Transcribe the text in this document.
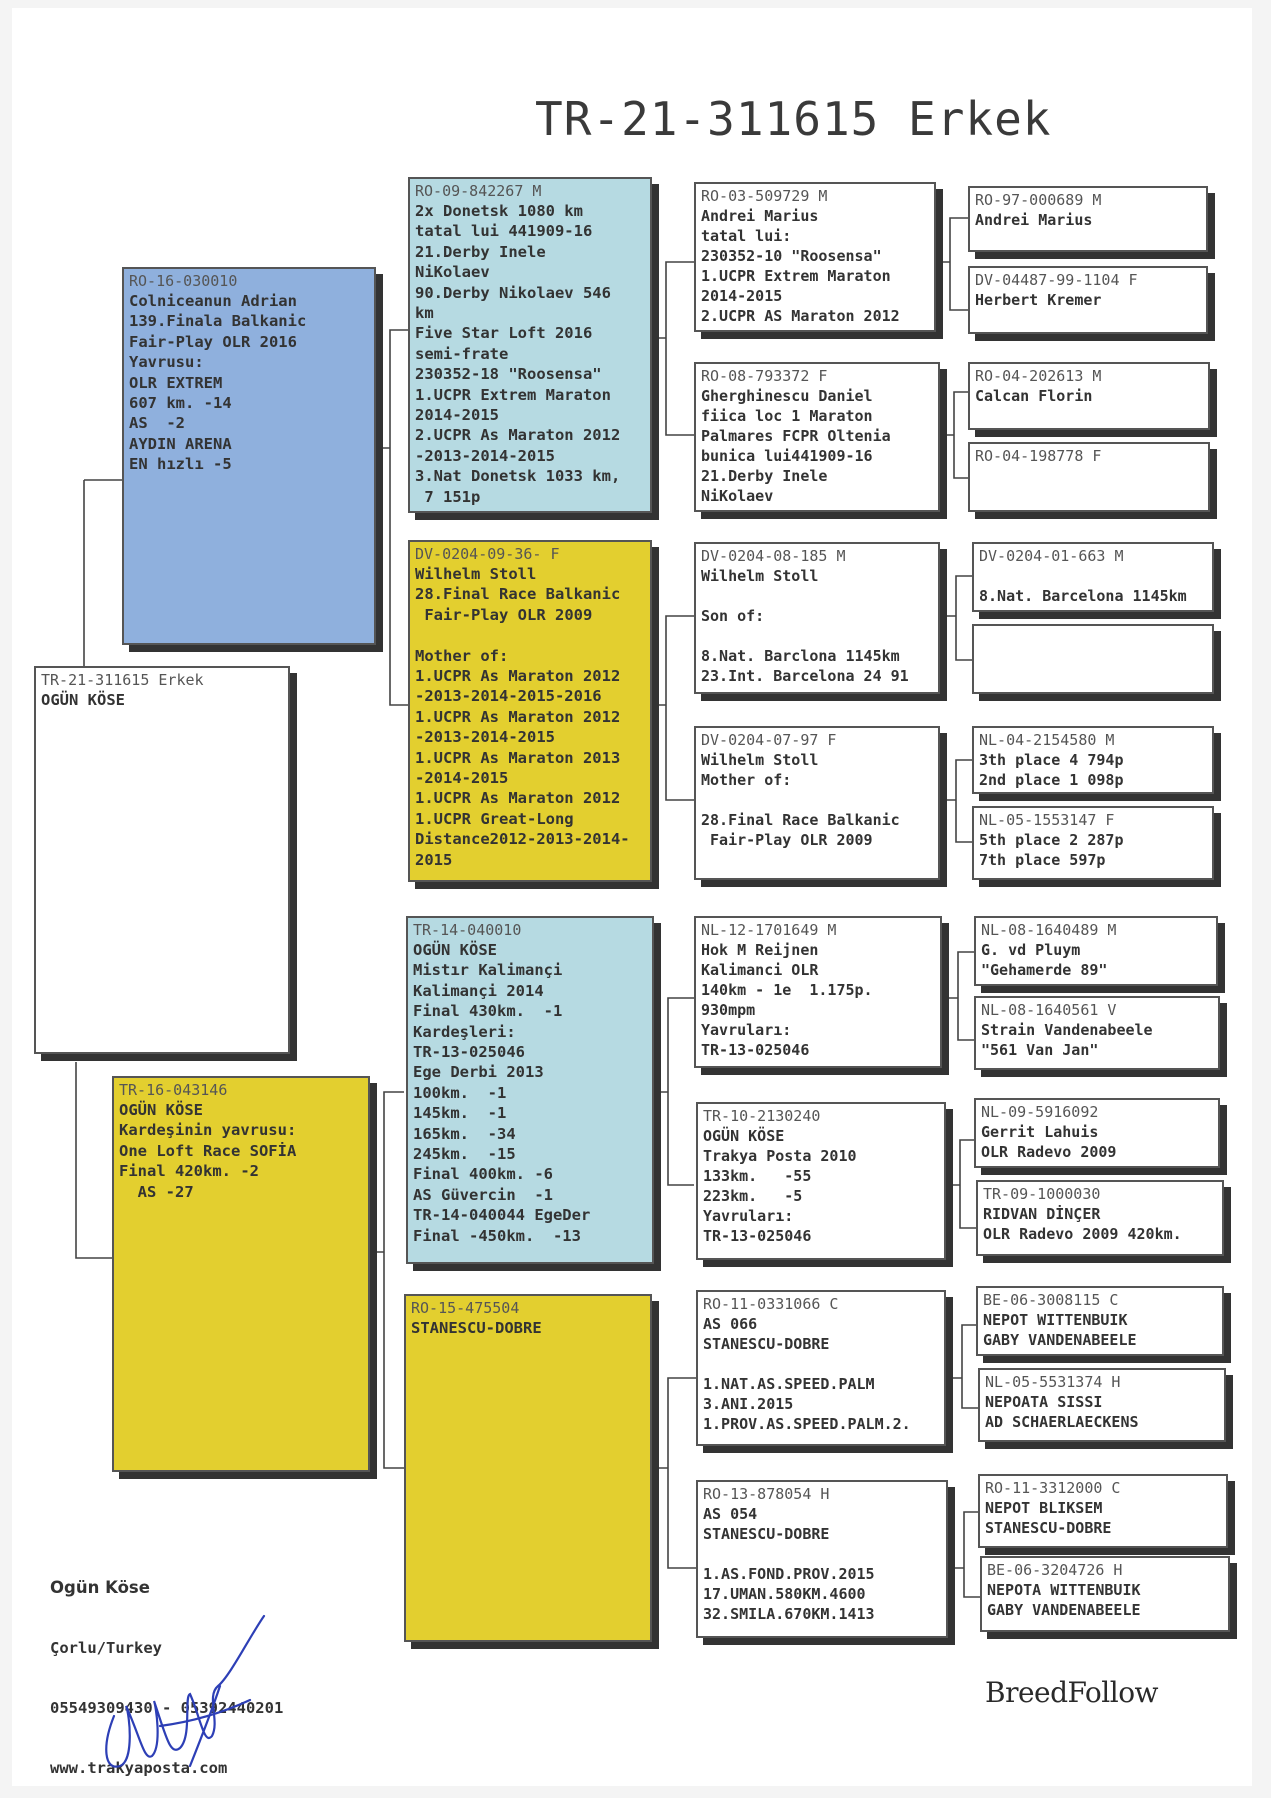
TR-21-311615 Erkek
TR-21-311615 Erkek
OGÜN KÖSE
RO-16-030010
Colniceanun Adrian
139.Finala Balkanic
Fair-Play OLR 2016
Yavrusu:
OLR EXTREM
607 km. -14
AS  -2
AYDIN ARENA
EN hızlı -5
TR-16-043146
OGÜN KÖSE
Kardeşinin yavrusu:
One Loft Race SOFİA
Final 420km. -2
AS -27
RO-09-842267 M
2x Donetsk 1080 km
tatal lui 441909-16
21.Derby Inele
NiKolaev
90.Derby Nikolaev 546
km
Five Star Loft 2016
semi-frate
230352-18 "Roosensa"
1.UCPR Extrem Maraton
2014-2015
2.UCPR As Maraton 2012
-2013-2014-2015
3.Nat Donetsk 1033 km,
7 151p
DV-0204-09-36- F
Wilhelm Stoll
28.Final Race Balkanic
Fair-Play OLR 2009

Mother of:
1.UCPR As Maraton 2012
-2013-2014-2015-2016
1.UCPR As Maraton 2012
-2013-2014-2015
1.UCPR As Maraton 2013
-2014-2015
1.UCPR As Maraton 2012
1.UCPR Great-Long
Distance2012-2013-2014-
2015
TR-14-040010
OGÜN KÖSE
Mistır Kalimançi
Kalimançi 2014
Final 430km.  -1
Kardeşleri:
TR-13-025046
Ege Derbi 2013
100km.  -1
145km.  -1
165km.  -34
245km.  -15
Final 400km. -6
AS Güvercin  -1
TR-14-040044 EgeDer
Final -450km.  -13
RO-15-475504
STANESCU-DOBRE
RO-03-509729 M
Andrei Marius
tatal lui:
230352-10 "Roosensa"
1.UCPR Extrem Maraton
2014-2015
2.UCPR AS Maraton 2012
RO-08-793372 F
Gherghinescu Daniel
fiica loc 1 Maraton
Palmares FCPR Oltenia
bunica lui441909-16
21.Derby Inele
NiKolaev
DV-0204-08-185 M
Wilhelm Stoll

Son of:

8.Nat. Barclona 1145km
23.Int. Barcelona 24 91
DV-0204-07-97 F
Wilhelm Stoll
Mother of:

28.Final Race Balkanic
Fair-Play OLR 2009
NL-12-1701649 M
Hok M Reijnen
Kalimanci OLR
140km - 1e  1.175p.
930mpm
Yavruları:
TR-13-025046
TR-10-2130240
OGÜN KÖSE
Trakya Posta 2010
133km.   -55
223km.   -5
Yavruları:
TR-13-025046
RO-11-0331066 C
AS 066
STANESCU-DOBRE

1.NAT.AS.SPEED.PALM
3.ANI.2015
1.PROV.AS.SPEED.PALM.2.
RO-13-878054 H
AS 054
STANESCU-DOBRE

1.AS.FOND.PROV.2015
17.UMAN.580KM.4600
32.SMILA.670KM.1413
RO-97-000689 M
Andrei Marius
DV-04487-99-1104 F
Herbert Kremer
RO-04-202613 M
Calcan Florin
RO-04-198778 F
DV-0204-01-663 M

8.Nat. Barcelona 1145km
NL-04-2154580 M
3th place 4 794p
2nd place 1 098p
NL-05-1553147 F
5th place 2 287p
7th place 597p
NL-08-1640489 M
G. vd Pluym
"Gehamerde 89"
NL-08-1640561 V
Strain Vandenabeele
"561 Van Jan"
NL-09-5916092
Gerrit Lahuis
OLR Radevo 2009
TR-09-1000030
RIDVAN DİNÇER
OLR Radevo 2009 420km.
BE-06-3008115 C
NEPOT WITTENBUIK
GABY VANDENABEELE
NL-05-5531374 H
NEPOATA SISSI
AD SCHAERLAECKENS
RO-11-3312000 C
NEPOT BLIKSEM
STANESCU-DOBRE
BE-06-3204726 H
NEPOTA WITTENBUIK
GABY VANDENABEELE

Ogün Köse

Çorlu/Turkey

05549309430 - 05392440201

www.trakyaposta.com

BreedFollow
